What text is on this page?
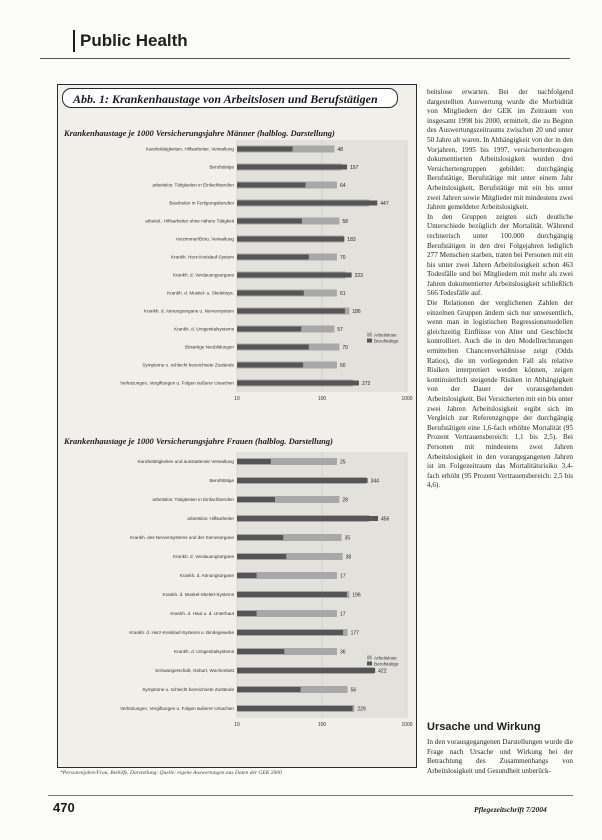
Public Health
Abb. 1: Krankenhaustage von Arbeitslosen und Berufstätigen
Krankenhaustage je 1000 Versicherungsjahre Männer (halblog. Darstellung)
Krankenhaustage je 1000 Versicherungsjahre Frauen (halblog. Darstellung)
10	100	1000
Kanzleitätigkeiten, Hilfsarbeiter, Verwaltung	48
Berufstätige	197
arbeitslos: Tätigkeiten in Einfachberufen	64
Bearbeiter in Fertigungsberufen	447
arbeitsl.: Hilfsarbeiter ohne nähere Tätigkeit	58
Vorzimmer/Büro, Verwaltung	183
Krankh. Herz-Kreislauf-System	70
Krankh. d. Verdauungsorgane	223
Krankh. d. Muskel- u. Skelettsys.	61
Krankh. d. Atmungsorgane u. Nervensystem	186
Krankh. d. Urogenitalsystems	57
Bösartige Neubildungen	70
Symptome u. schlecht bezeichnete Zustände	60
Verletzungen, Vergiftungen u. Folgen äußerer Ursachen	272
Arbeitslose
Berufstätige
10	100	1000
Kanzleitätigkeiten und ausstattende Verwaltung	25
Berufstätige	344
arbeitslos: Tätigkeiten in Einfachberufen	28
arbeitslos: Hilfsarbeiter	456
Krankh. des Nervensystems und der Sinnesorgane	35
Krankh. d. Verdauungsorgane	38
Krankh. d. Atmungsorgane	17
Krankh. d. Muskel-Skelett-Systems	196
Krankh. d. Haut u. d. Unterhaut	17
Krankh. d. Herz-Kreislauf-Systems u. Bindegewebe	177
Krankh. d. Urogenitalsystems	36
Schwangerschaft, Geburt, Wochenbett	422
Symptome u. schlecht bezeichnete Zustände	56
Verletzungen, Vergiftungen u. Folgen äußerer Ursachen	229
Arbeitslose
Berufstätige
*Personenjahre/Frau, Beihilfe, Darstellung: Quelle: eigene Auswertungen aus Daten der GEK 2000

beitslose erwarten. Bei der nachfolgend dargestellten Auswertung wurde die Morbidität von Mitgliedern der GEK im Zeitraum von insgesamt 1998 bis 2000, ermittelt, die zu Beginn des Auswertungszeitraums zwischen 20 und unter 50 Jahre alt waren. In Abhängigkeit von der in den Vorjahren, 1995 bis 1997, versichertenbezogen dokumentierten Arbeitslosigkeit wurden drei Versichertengruppen gebildet: durchgängig Berufstätige, Berufstätige mit unter einem Jahr Arbeitslosigkeit, Berufstätige mit ein bis unter zwei Jahren sowie Mitglieder mit mindestens zwei Jahren gemeldeter Arbeitslosigkeit.

In den Gruppen zeigten sich deutliche Unterschiede bezüglich der Mortalität. Während rechnerisch unter 100.000 durchgängig Berufstätigen in den drei Folgejahren lediglich 277 Menschen starben, traten bei Personen mit ein bis unter zwei Jahren Arbeitslosigkeit schon 463 Todesfälle und bei Mitgliedern mit mehr als zwei Jahren dokumentierter Arbeitslosigkeit schließlich 566 Todesfälle auf.

Die Relationen der verglichenen Zahlen der einzelnen Gruppen ändern sich nur unwesentlich, wenn man in logistischen Regressionsmodellen gleichzeitig Einflüsse von Alter und Geschlecht kontrolliert. Auch die in den Modellrechnungen ermittelten Chancenverhältnisse zeigt (Odds Ratios), die im vorliegenden Fall als relative Risiken interpretiert werden können, zeigen kontinuierlich steigende Risiken in Abhängigkeit von der Dauer der vorausgehenden Arbeitslosigkeit. Bei Versicherten mit ein bis unter zwei Jahren Arbeitslosigkeit ergibt sich im Vergleich zur Referenzgruppe der durchgängig Berufstätigen eine 1,6-fach erhöhte Mortalität (95 Prozent Vertrauensbereich: 1,1 bis 2,5). Bei Personen mit mindestens zwei Jahren Arbeitslosigkeit in den vorangegangenen Jahren ist im Folgezeitraum das Mortalitätsrisiko 3,4-fach erhöht (95 Prozent Vertrauensbereich: 2,5 bis 4,6).

Ursache und Wirkung

In den vorausgegangenen Darstellungen wurde die Frage nach Ursache und Wirkung bei der Betrachtung des Zusammenhangs von Arbeitslosigkeit und Gesundheit unberück-

470	Pflegezeitschrift 7/2004
